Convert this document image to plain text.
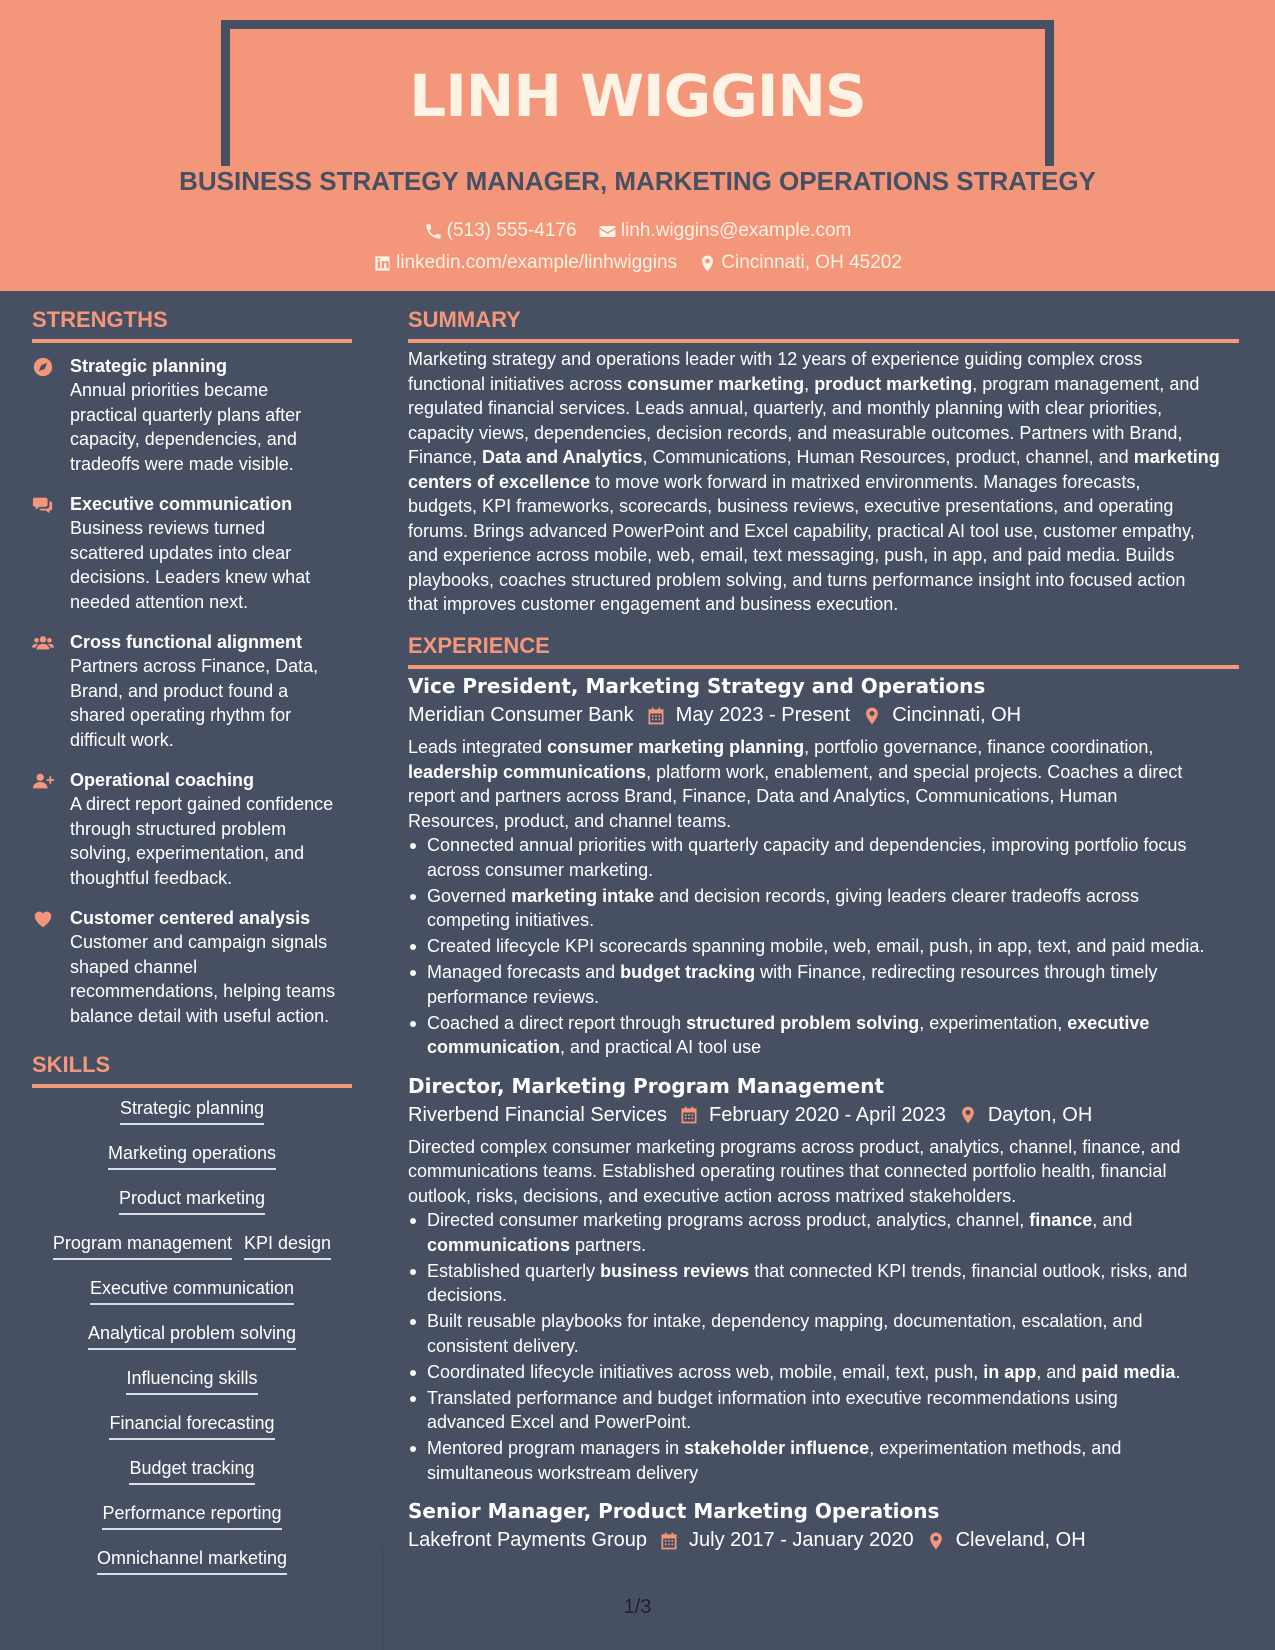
LINH WIGGINS
BUSINESS STRATEGY MANAGER, MARKETING OPERATIONS STRATEGY
(513) 555-4176
linh.wiggins@example.com
linkedin.com/example/linhwiggins
Cincinnati, OH 45202
STRENGTHS
Strategic planning
Annual priorities became
practical quarterly plans after
capacity, dependencies, and
tradeoffs were made visible.
Executive communication
Business reviews turned
scattered updates into clear
decisions. Leaders knew what
needed attention next.
Cross functional alignment
Partners across Finance, Data,
Brand, and product found a
shared operating rhythm for
difficult work.
Operational coaching
A direct report gained confidence
through structured problem
solving, experimentation, and
thoughtful feedback.
Customer centered analysis
Customer and campaign signals
shaped channel
recommendations, helping teams
balance detail with useful action.
SKILLS
Strategic planning
Marketing operations
Product marketing
Program management KPI design
Executive communication
Analytical problem solving
Influencing skills
Financial forecasting
Budget tracking
Performance reporting
Omnichannel marketing
SUMMARY
Marketing strategy and operations leader with 12 years of experience guiding complex cross
functional initiatives across consumer marketing, product marketing, program management, and
regulated financial services. Leads annual, quarterly, and monthly planning with clear priorities,
capacity views, dependencies, decision records, and measurable outcomes. Partners with Brand,
Finance, Data and Analytics, Communications, Human Resources, product, channel, and marketing
centers of excellence to move work forward in matrixed environments. Manages forecasts,
budgets, KPI frameworks, scorecards, business reviews, executive presentations, and operating
forums. Brings advanced PowerPoint and Excel capability, practical AI tool use, customer empathy,
and experience across mobile, web, email, text messaging, push, in app, and paid media. Builds
playbooks, coaches structured problem solving, and turns performance insight into focused action
that improves customer engagement and business execution.
EXPERIENCE
Vice President, Marketing Strategy and Operations
Meridian Consumer Bank May 2023 - Present Cincinnati, OH
Leads integrated consumer marketing planning, portfolio governance, finance coordination,
leadership communications, platform work, enablement, and special projects. Coaches a direct
report and partners across Brand, Finance, Data and Analytics, Communications, Human
Resources, product, and channel teams.
Connected annual priorities with quarterly capacity and dependencies, improving portfolio focus
across consumer marketing.
Governed marketing intake and decision records, giving leaders clearer tradeoffs across
competing initiatives.
Created lifecycle KPI scorecards spanning mobile, web, email, push, in app, text, and paid media.
Managed forecasts and budget tracking with Finance, redirecting resources through timely
performance reviews.
Coached a direct report through structured problem solving, experimentation, executive
communication, and practical AI tool use
Director, Marketing Program Management
Riverbend Financial Services February 2020 - April 2023 Dayton, OH
Directed complex consumer marketing programs across product, analytics, channel, finance, and
communications teams. Established operating routines that connected portfolio health, financial
outlook, risks, decisions, and executive action across matrixed stakeholders.
Directed consumer marketing programs across product, analytics, channel, finance, and
communications partners.
Established quarterly business reviews that connected KPI trends, financial outlook, risks, and
decisions.
Built reusable playbooks for intake, dependency mapping, documentation, escalation, and
consistent delivery.
Coordinated lifecycle initiatives across web, mobile, email, text, push, in app, and paid media.
Translated performance and budget information into executive recommendations using
advanced Excel and PowerPoint.
Mentored program managers in stakeholder influence, experimentation methods, and
simultaneous workstream delivery
Senior Manager, Product Marketing Operations
Lakefront Payments Group July 2017 - January 2020 Cleveland, OH
1/3
